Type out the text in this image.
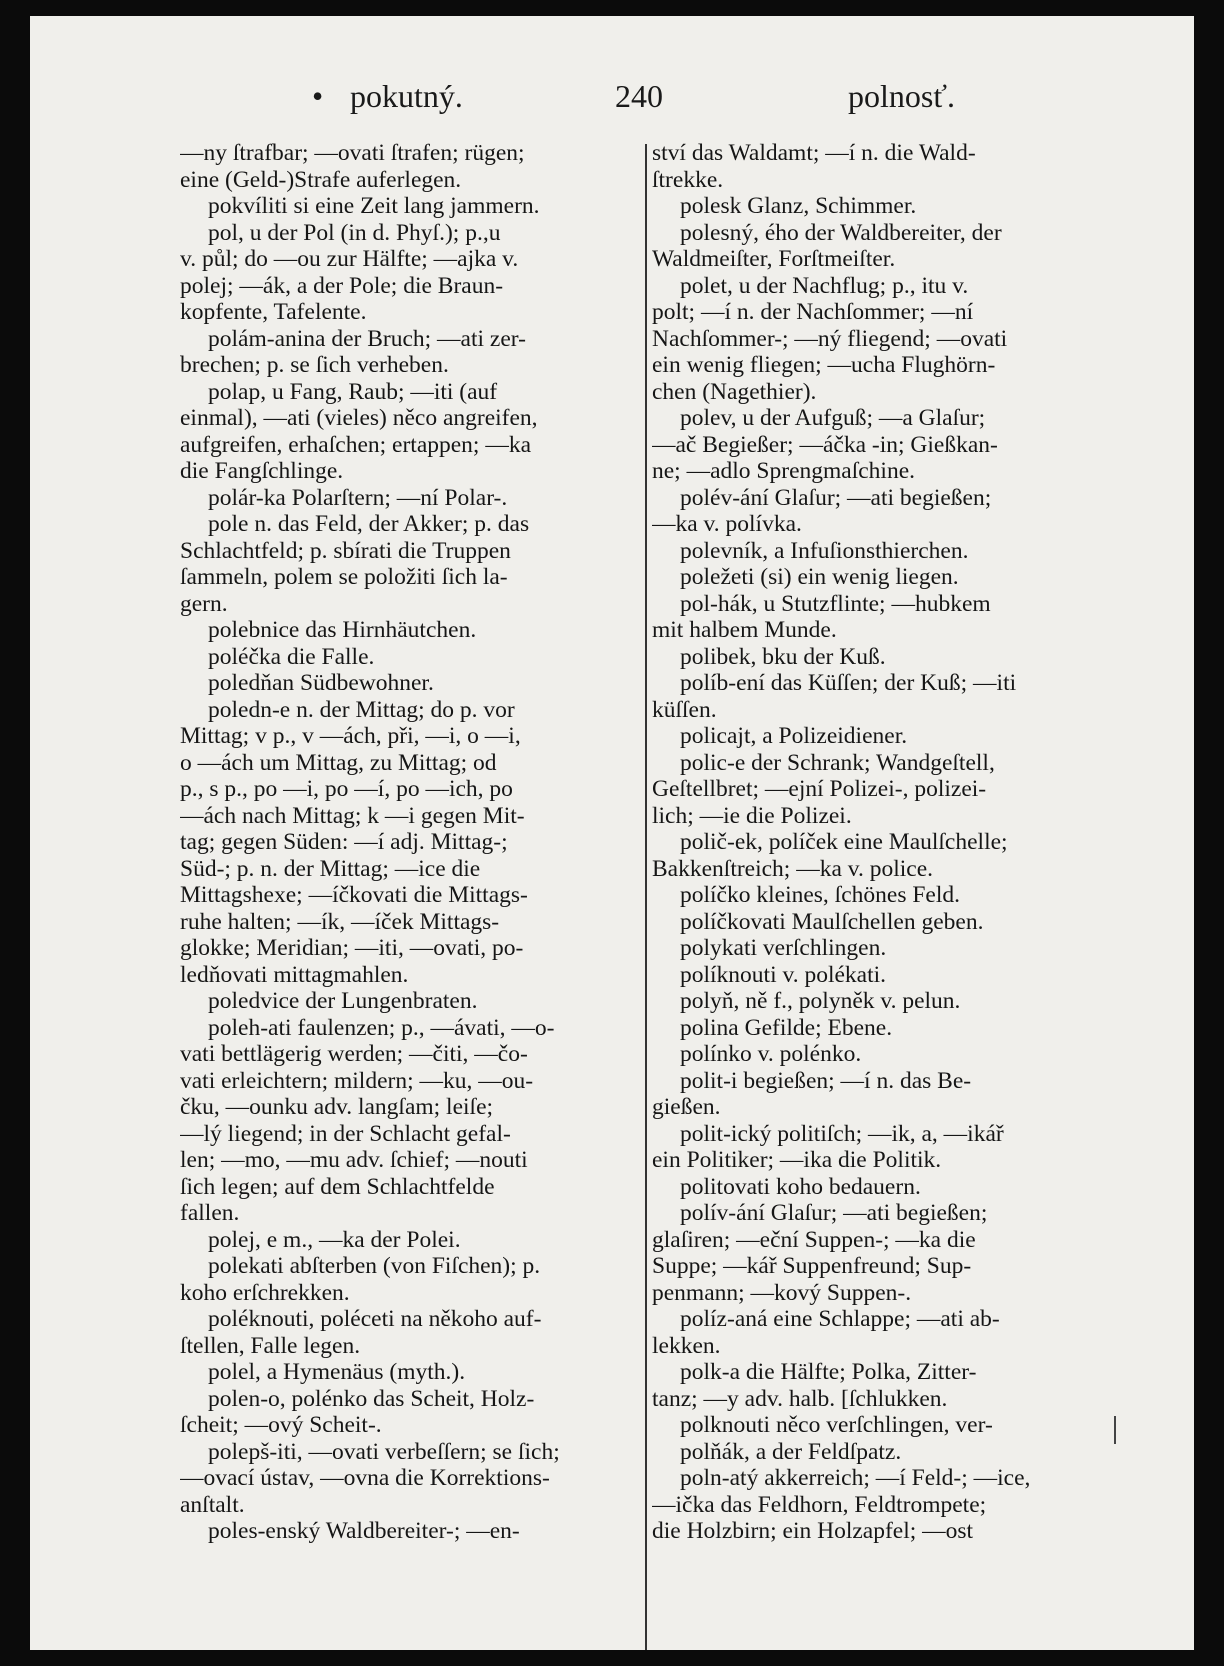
• pokutný.	240	polnosť.
—ny ſtrafbar; —ovati ſtrafen; rügen;
eine (Geld-)Strafe auferlegen.
pokvíliti si eine Zeit lang jammern.
pol, u der Pol (in d. Phyſ.); p.,u
v. půl; do —ou zur Hälfte; —ajka v.
polej; —ák, a der Pole; die Braun-
kopfente, Tafelente.
polám-anina der Bruch; —ati zer-
brechen; p. se ſich verheben.
polap, u Fang, Raub; —iti (auf
einmal), —ati (vieles) něco angreifen,
aufgreifen, erhaſchen; ertappen; —ka
die Fangſchlinge.
polár-ka Polarſtern; —ní Polar-.
pole n. das Feld, der Akker; p. das
Schlachtfeld; p. sbírati die Truppen
ſammeln, polem se položiti ſich la-
gern.
polebnice das Hirnhäutchen.
poléčka die Falle.
poledňan Südbewohner.
poledn-e n. der Mittag; do p. vor
Mittag; v p., v —ách, při, —i, o —i,
o —ách um Mittag, zu Mittag; od
p., s p., po —i, po —í, po —ich, po
—ách nach Mittag; k —i gegen Mit-
tag; gegen Süden: —í adj. Mittag-;
Süd-; p. n. der Mittag; —ice die
Mittagshexe; —íčkovati die Mittags-
ruhe halten; —ík, —íček Mittags-
glokke; Meridian; —iti, —ovati, po-
ledňovati mittagmahlen.
poledvice der Lungenbraten.
poleh-ati faulenzen; p., —ávati, —o-
vati bettlägerig werden; —čiti, —čo-
vati erleichtern; mildern; —ku, —ou-
čku, —ounku adv. langſam; leiſe;
—lý liegend; in der Schlacht gefal-
len; —mo, —mu adv. ſchief; —nouti
ſich legen; auf dem Schlachtfelde
fallen.
polej, e m., —ka der Polei.
polekati abſterben (von Fiſchen); p.
koho erſchrekken.
poléknouti, poléceti na někoho auf-
ſtellen, Falle legen.
polel, a Hymenäus (myth.).
polen-o, polénko das Scheit, Holz-
ſcheit; —ový Scheit-.
polepš-iti, —ovati verbeſſern; se ſich;
—ovací ústav, —ovna die Korrektions-
anſtalt.
poles-enský Waldbereiter-; —en-
ství das Waldamt; —í n. die Wald-
ſtrekke.
polesk Glanz, Schimmer.
polesný, ého der Waldbereiter, der
Waldmeiſter, Forſtmeiſter.
polet, u der Nachflug; p., itu v.
polt; —í n. der Nachſommer; —ní
Nachſommer-; —ný fliegend; —ovati
ein wenig fliegen; —ucha Flughörn-
chen (Nagethier).
polev, u der Aufguß; —a Glaſur;
—ač Begießer; —áčka -in; Gießkan-
ne; —adlo Sprengmaſchine.
polév-ání Glaſur; —ati begießen;
—ka v. polívka.
polevník, a Infuſionsthierchen.
poležeti (si) ein wenig liegen.
pol-hák, u Stutzflinte; —hubkem
mit halbem Munde.
polibek, bku der Kuß.
políb-ení das Küſſen; der Kuß; —iti
küſſen.
policajt, a Polizeidiener.
polic-e der Schrank; Wandgeſtell,
Geſtellbret; —ejní Polizei-, polizei-
lich; —ie die Polizei.
polič-ek, políček eine Maulſchelle;
Bakkenſtreich; —ka v. police.
políčko kleines, ſchönes Feld.
políčkovati Maulſchellen geben.
polykati verſchlingen.
políknouti v. polékati.
polyň, ně f., polyněk v. pelun.
polina Gefilde; Ebene.
polínko v. polénko.
polit-i begießen; —í n. das Be-
gießen.
polit-ický politiſch; —ik, a, —ikář
ein Politiker; —ika die Politik.
politovati koho bedauern.
polív-ání Glaſur; —ati begießen;
glaſiren; —eční Suppen-; —ka die
Suppe; —kář Suppenfreund; Sup-
penmann; —kový Suppen-.
políz-aná eine Schlappe; —ati ab-
lekken.
polk-a die Hälfte; Polka, Zitter-
tanz; —y adv. halb. [ſchlukken.
polknouti něco verſchlingen, ver-
polňák, a der Feldſpatz.
poln-atý akkerreich; —í Feld-; —ice,
—ička das Feldhorn, Feldtrompete;
die Holzbirn; ein Holzapfel; —ost
